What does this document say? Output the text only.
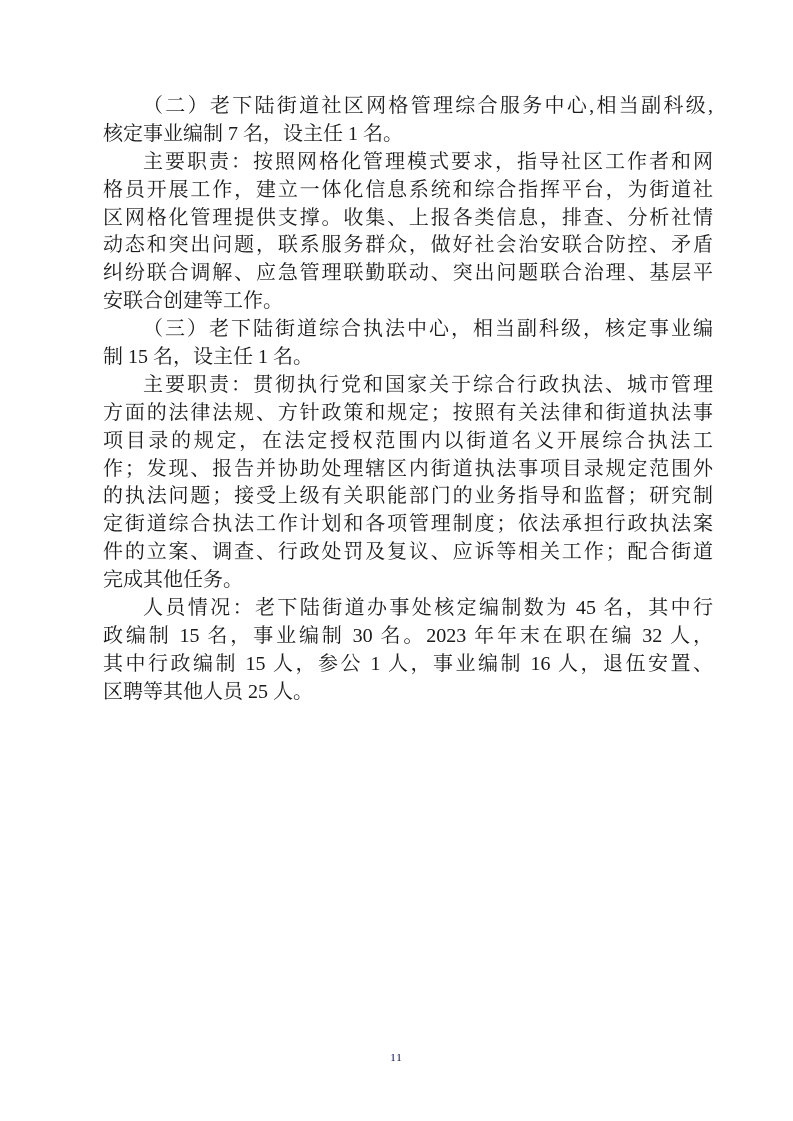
（二）老下陆街道社区网格管理综合服务中心,相当副科级,
核定事业编制 7 名，设主任 1 名。

主要职责：按照网格化管理模式要求，指导社区工作者和网
格员开展工作，建立一体化信息系统和综合指挥平台，为街道社
区网格化管理提供支撑。收集、上报各类信息，排查、分析社情
动态和突出问题，联系服务群众，做好社会治安联合防控、矛盾
纠纷联合调解、应急管理联勤联动、突出问题联合治理、基层平
安联合创建等工作。

（三）老下陆街道综合执法中心，相当副科级，核定事业编
制 15 名，设主任 1 名。

主要职责：贯彻执行党和国家关于综合行政执法、城市管理
方面的法律法规、方针政策和规定；按照有关法律和街道执法事
项目录的规定，在法定授权范围内以街道名义开展综合执法工
作；发现、报告并协助处理辖区内街道执法事项目录规定范围外
的执法问题；接受上级有关职能部门的业务指导和监督；研究制
定街道综合执法工作计划和各项管理制度；依法承担行政执法案
件的立案、调查、行政处罚及复议、应诉等相关工作；配合街道
完成其他任务。

人员情况：老下陆街道办事处核定编制数为 45 名，其中行
政编制 15 名，事业编制 30 名。2023 年年末在职在编 32 人，
其中行政编制 15 人，参公 1 人，事业编制 16 人，退伍安置、
区聘等其他人员 25 人。

11
